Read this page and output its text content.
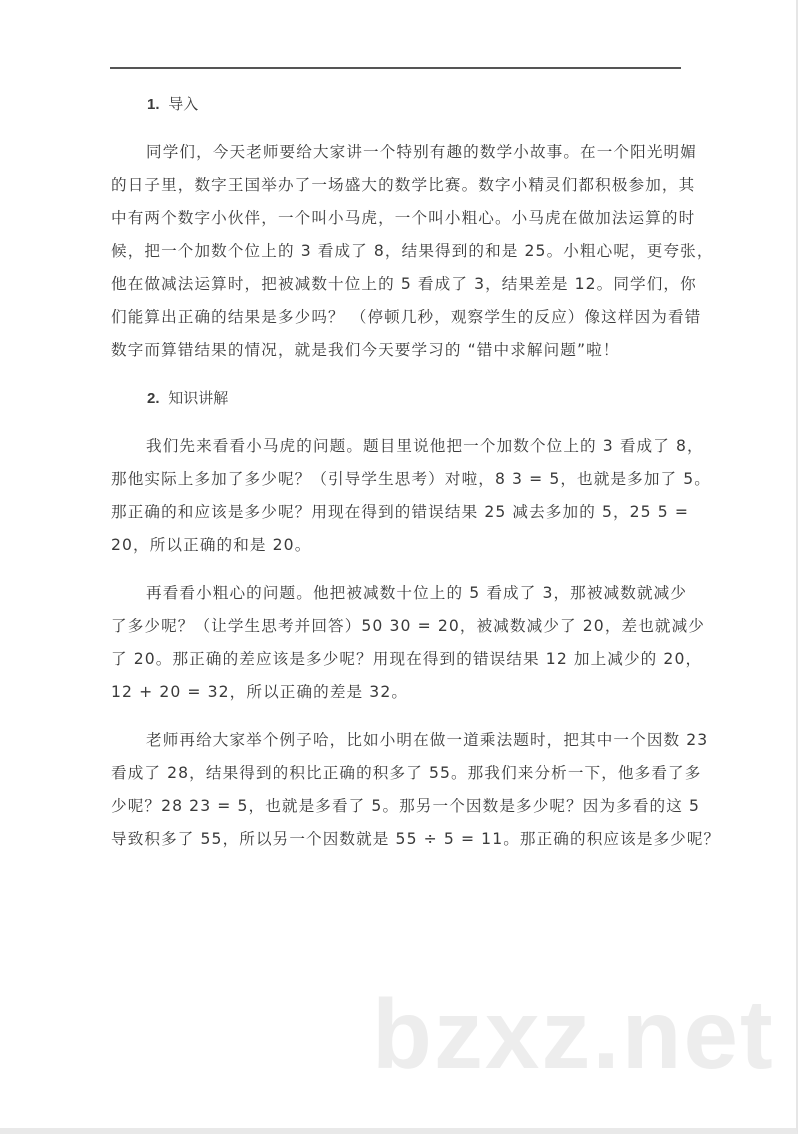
bzxz.net
1. 导入
同学们，今天老师要给大家讲一个特别有趣的数学小故事。在一个阳光明媚
的日子里，数字王国举办了一场盛大的数学比赛。数字小精灵们都积极参加，其
中有两个数字小伙伴，一个叫小马虎，一个叫小粗心。小马虎在做加法运算的时
候，把一个加数个位上的 3 看成了 8，结果得到的和是 25。小粗心呢，更夸张，
他在做减法运算时，把被减数十位上的 5 看成了 3，结果差是 12。同学们，你
们能算出正确的结果是多少吗？ （停顿几秒，观察学生的反应）像这样因为看错
数字而算错结果的情况，就是我们今天要学习的 “错中求解问题”啦！
2. 知识讲解
我们先来看看小马虎的问题。题目里说他把一个加数个位上的 3 看成了 8，
那他实际上多加了多少呢？（引导学生思考）对啦，8 3 = 5，也就是多加了 5。
那正确的和应该是多少呢？用现在得到的错误结果 25 减去多加的 5，25 5 =
20，所以正确的和是 20。
再看看小粗心的问题。他把被减数十位上的 5 看成了 3，那被减数就减少
了多少呢？（让学生思考并回答）50 30 = 20，被减数减少了 20，差也就减少
了 20。那正确的差应该是多少呢？用现在得到的错误结果 12 加上减少的 20，
12 + 20 = 32，所以正确的差是 32。
老师再给大家举个例子哈，比如小明在做一道乘法题时，把其中一个因数 23
看成了 28，结果得到的积比正确的积多了 55。那我们来分析一下，他多看了多
少呢？28 23 = 5，也就是多看了 5。那另一个因数是多少呢？因为多看的这 5
导致积多了 55，所以另一个因数就是 55 ÷ 5 = 11。那正确的积应该是多少呢？
